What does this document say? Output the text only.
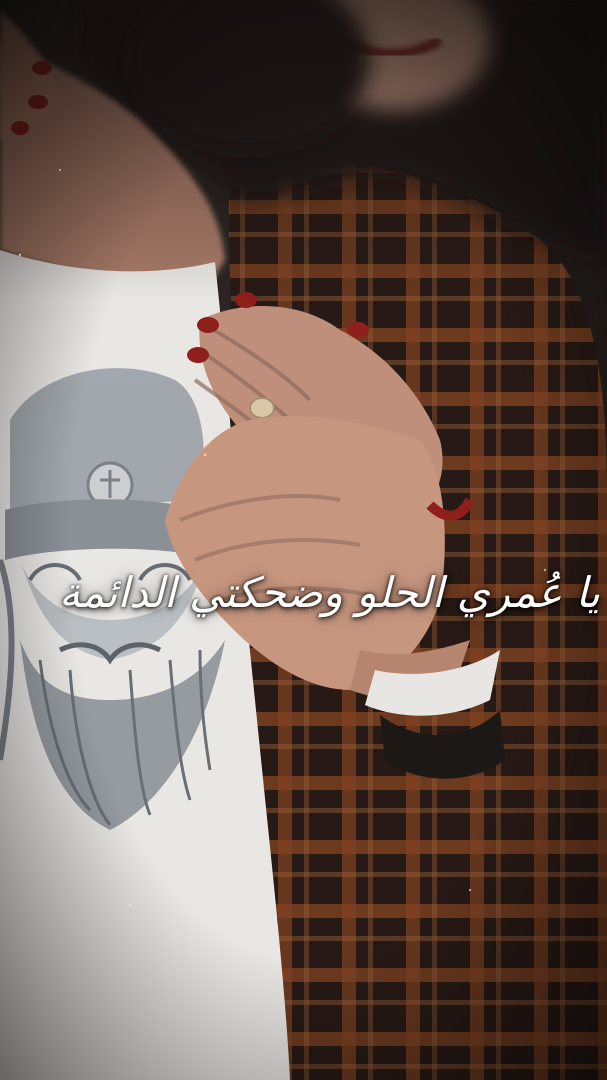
يا عُمري الحلو وضحكتي الدائمة
